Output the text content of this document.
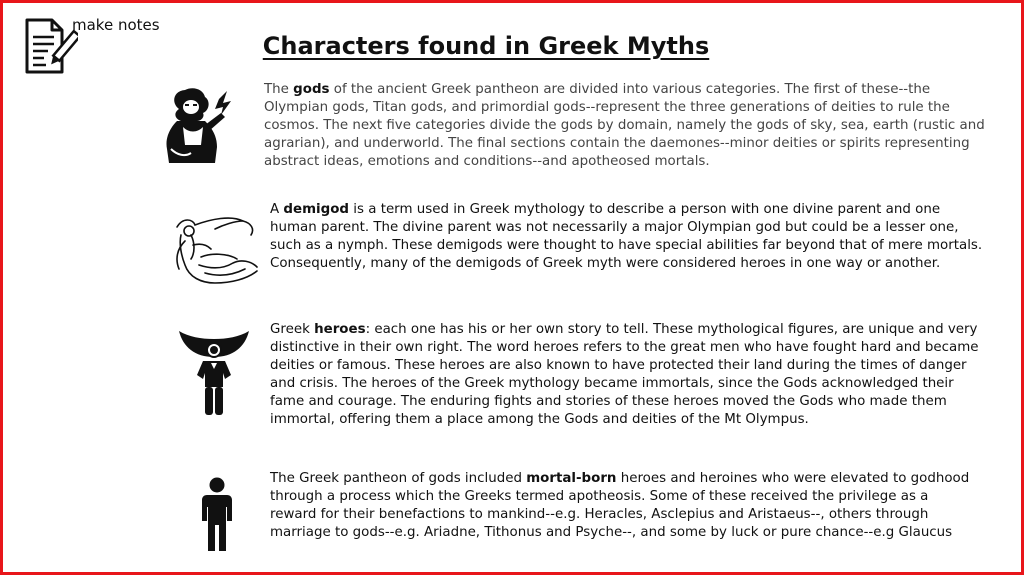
make notes
Characters found in Greek Myths

The gods of the ancient Greek pantheon are divided into various categories. The first of these--the Olympian gods, Titan gods, and primordial gods--represent the three generations of deities to rule the cosmos. The next five categories divide the gods by domain, namely the gods of sky, sea, earth (rustic and agrarian), and underworld. The final sections contain the daemones--minor deities or spirits representing abstract ideas, emotions and conditions--and apotheosed mortals.

A demigod is a term used in Greek mythology to describe a person with one divine parent and one human parent. The divine parent was not necessarily a major Olympian god but could be a lesser one, such as a nymph. These demigods were thought to have special abilities far beyond that of mere mortals. Consequently, many of the demigods of Greek myth were considered heroes in one way or another.

Greek heroes: each one has his or her own story to tell. These mythological figures, are unique and very distinctive in their own right. The word heroes refers to the great men who have fought hard and became deities or famous. These heroes are also known to have protected their land during the times of danger and crisis. The heroes of the Greek mythology became immortals, since the Gods acknowledged their fame and courage. The enduring fights and stories of these heroes moved the Gods who made them immortal, offering them a place among the Gods and deities of the Mt Olympus.

The Greek pantheon of gods included mortal-born heroes and heroines who were elevated to godhood through a process which the Greeks termed apotheosis. Some of these received the privilege as a reward for their benefactions to mankind--e.g. Heracles, Asclepius and Aristaeus--, others through marriage to gods--e.g. Ariadne, Tithonus and Psyche--, and some by luck or pure chance--e.g Glaucus
